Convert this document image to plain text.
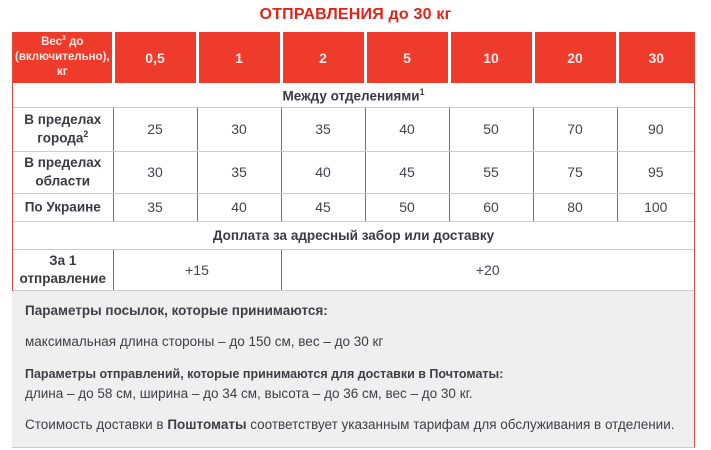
ОТПРАВЛЕНИЯ до 30 кг
Вес$^3$ до (включительно), кг	0,5	1	2	5	10	20	30
Между отделениями$^1$
В пределах города$^2$	25	30	35	40	50	70	90
В пределах области	30	35	40	45	55	75	95
По Украине	35	40	45	50	60	80	100
Доплата за адресный забор или доставку							
За 1 отправление	+15		+20				

Параметры посылок, которые принимаются:

максимальная длина стороны – до 150 см, вес – до 30 кг

Параметры отправлений, которые принимаются для доставки в Почтоматы:

длина – до 58 см, ширина – до 34 см, высота – до 36 см, вес – до 30 кг.

Стоимость доставки в Поштоматы соответствует указанным тарифам для обслуживания в отделении.
